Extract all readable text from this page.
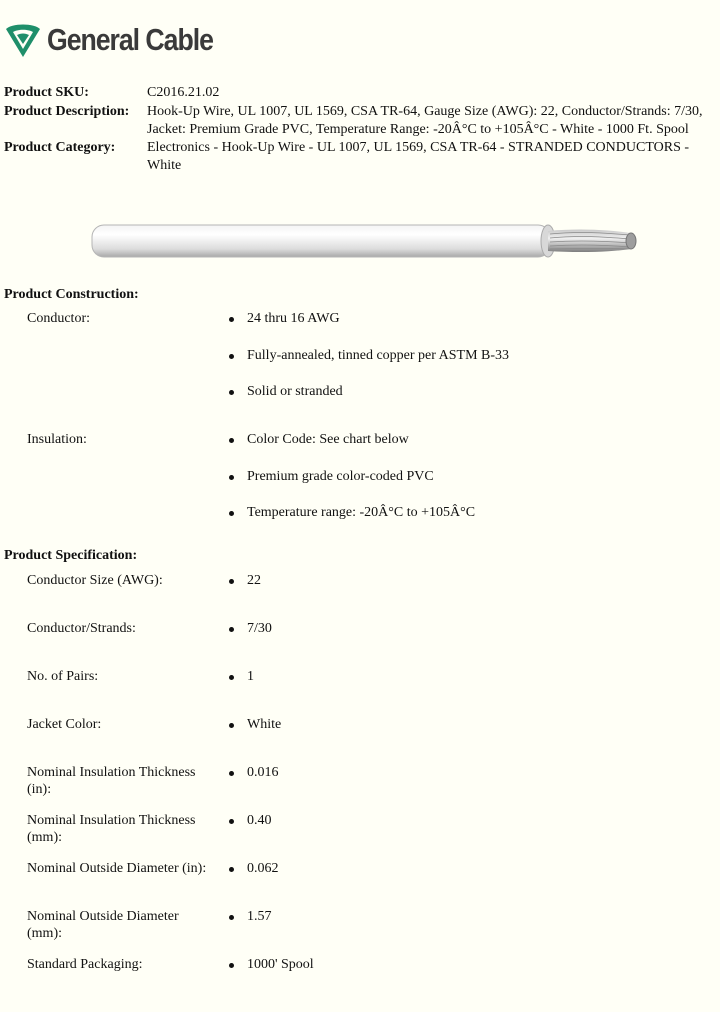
General Cable
Product SKU:	C2016.21.02
Product Description:	Hook-Up Wire, UL 1007, UL 1569, CSA TR-64, Gauge Size (AWG): 22, Conductor/Strands: 7/30,
Jacket: Premium Grade PVC, Temperature Range: -20Â°C to +105Â°C - White - 1000 Ft. Spool
Product Category:	Electronics - Hook-Up Wire - UL 1007, UL 1569, CSA TR-64 - STRANDED CONDUCTORS - White
Product Construction:
Conductor:	24 thru 16 AWG
Fully-annealed, tinned copper per ASTM B-33
Solid or stranded
Insulation:	Color Code: See chart below
Premium grade color-coded PVC
Temperature range: -20Â°C to +105Â°C
Product Specification:
Conductor Size (AWG):	22
Conductor/Strands:	7/30
No. of Pairs:	1
Jacket Color:	White
Nominal Insulation Thickness (in):
0.016
Nominal Insulation Thickness (mm):
0.40
Nominal Outside Diameter (in):	0.062
Nominal Outside Diameter (mm):
1.57
Standard Packaging:	1000' Spool
